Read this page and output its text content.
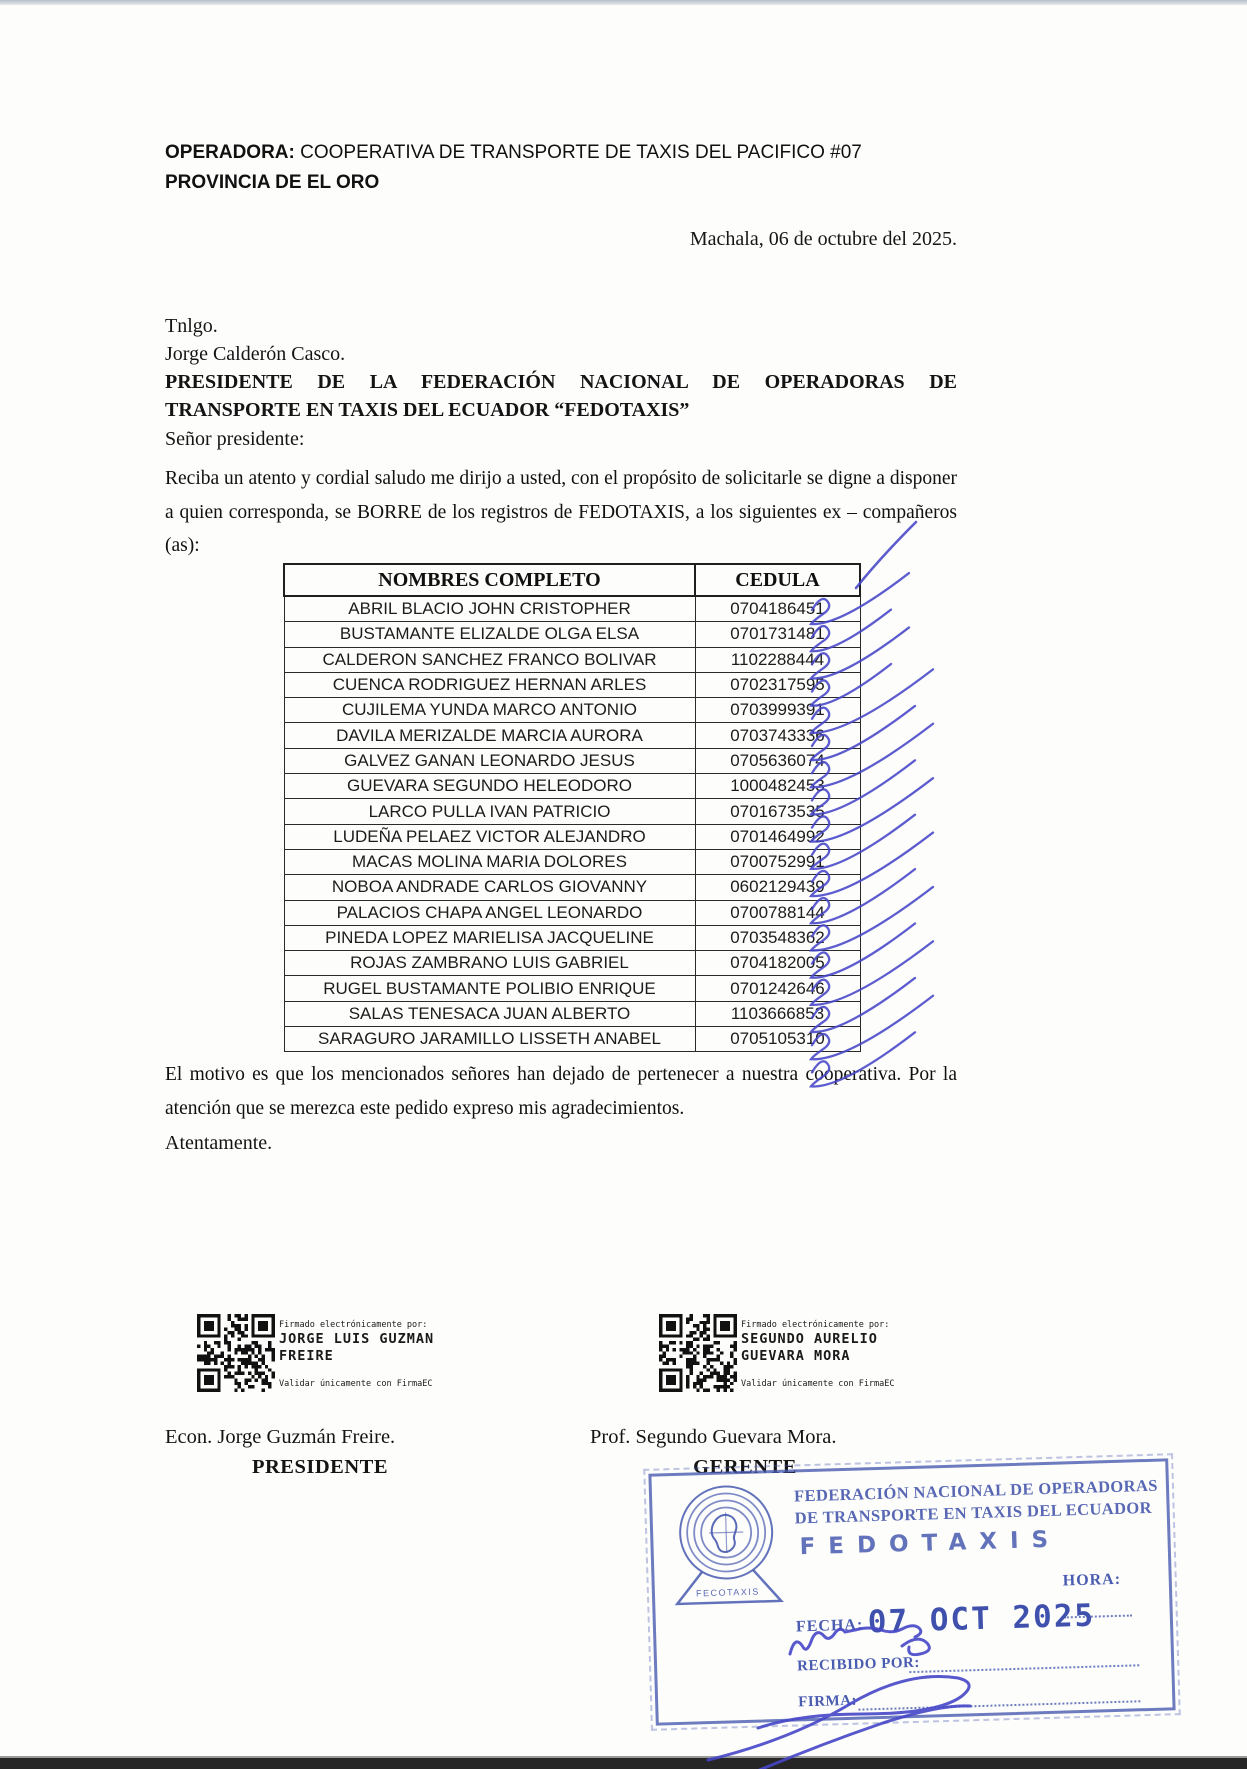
OPERADORA: COOPERATIVA DE TRANSPORTE DE TAXIS DEL PACIFICO #07
PROVINCIA DE EL ORO
Machala, 06 de octubre del 2025.
Tnlgo.
Jorge Calderón Casco.
PRESIDENTE DE LA FEDERACIÓN NACIONAL DE OPERADORAS DE
TRANSPORTE EN TAXIS DEL ECUADOR “FEDOTAXIS”
Señor presidente:

Reciba un atento y cordial saludo me dirijo a usted, con el propósito de solicitarle se digne a disponer a quien corresponda, se BORRE de los registros de FEDOTAXIS, a los siguientes ex – compañeros (as):

NOMBRES COMPLETO	CEDULA
ABRIL BLACIO JOHN CRISTOPHER	0704186451
BUSTAMANTE ELIZALDE OLGA ELSA	0701731481
CALDERON SANCHEZ FRANCO BOLIVAR	1102288444
CUENCA RODRIGUEZ HERNAN ARLES	0702317595
CUJILEMA YUNDA MARCO ANTONIO	0703999391
DAVILA MERIZALDE MARCIA AURORA	0703743336
GALVEZ GANAN LEONARDO JESUS	0705636074
GUEVARA SEGUNDO HELEODORO	1000482453
LARCO PULLA IVAN PATRICIO	0701673535
LUDEÑA PELAEZ VICTOR ALEJANDRO	0701464992
MACAS MOLINA MARIA DOLORES	0700752991
NOBOA ANDRADE CARLOS GIOVANNY	0602129439
PALACIOS CHAPA ANGEL LEONARDO	0700788144
PINEDA LOPEZ MARIELISA JACQUELINE	0703548362
ROJAS ZAMBRANO LUIS GABRIEL	0704182005
RUGEL BUSTAMANTE POLIBIO ENRIQUE	0701242646
SALAS TENESACA JUAN ALBERTO	1103666853
SARAGURO JARAMILLO LISSETH ANABEL	0705105310

El motivo es que los mencionados señores han dejado de pertenecer a nuestra cooperativa. Por la atención que se merezca este pedido expreso mis agradecimientos.

Atentamente.
Firmado electrónicamente por:
JORGE LUIS GUZMAN
FREIRE
Validar únicamente con FirmaEC
Econ. Jorge Guzmán Freire.
PRESIDENTE
Firmado electrónicamente por:
SEGUNDO AURELIO
GUEVARA MORA
Validar únicamente con FirmaEC
Prof. Segundo Guevara Mora.
GERENTE
FECOTAXIS
FEDERACIÓN NACIONAL DE OPERADORAS
DE TRANSPORTE EN TAXIS DEL ECUADOR
FEDOTAXIS
HORA:
FECHA: 07 OCT 2025
RECIBIDO POR:
FIRMA:
